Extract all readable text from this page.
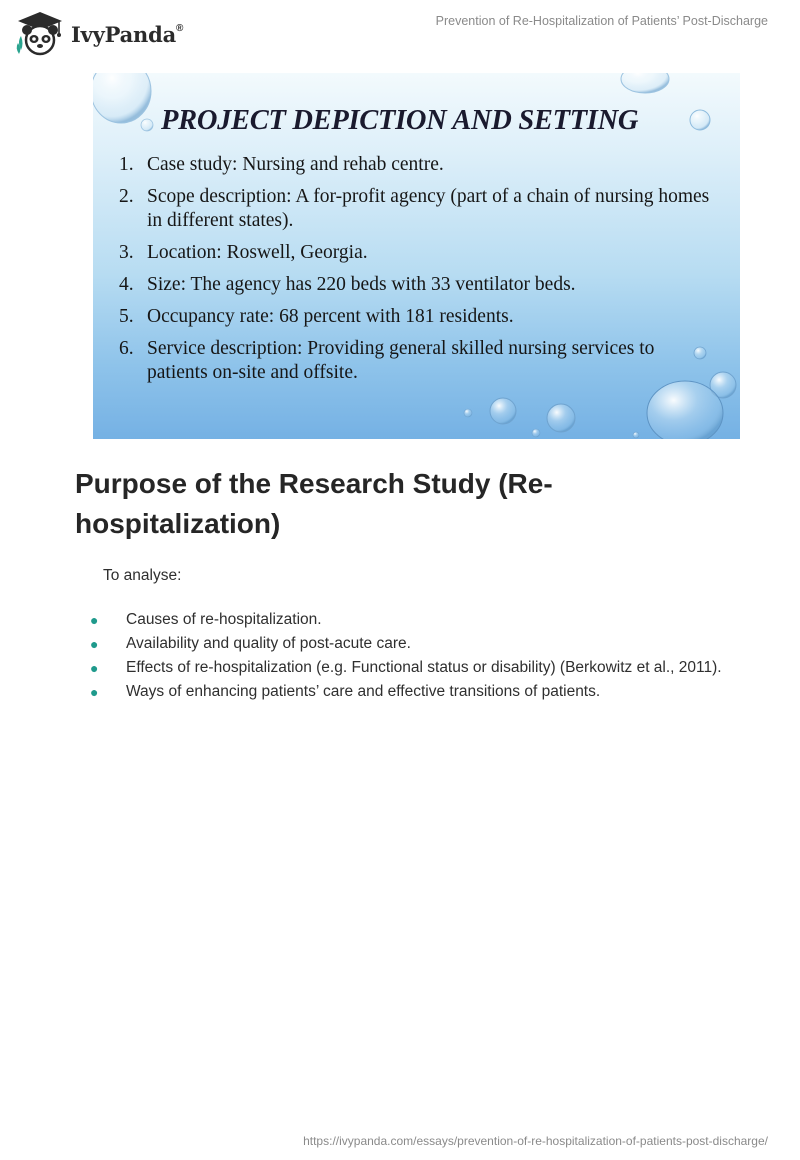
IvyPanda®	Prevention of Re-Hospitalization of Patients’ Post-Discharge
PROJECT DEPICTION AND SETTING
1. Case study: Nursing and rehab centre.
2. Scope description: A for-profit agency (part of a chain of nursing homes in different states).
3. Location: Roswell, Georgia.
4. Size: The agency has 220 beds with 33 ventilator beds.
5. Occupancy rate: 68 percent with 181 residents.
6. Service description: Providing general skilled nursing services to patients on-site and offsite.
Purpose of the Research Study (Re-hospitalization)
To analyse:
●	Causes of re-hospitalization.
●	Availability and quality of post-acute care.
●	Effects of re-hospitalization (e.g. Functional status or disability) (Berkowitz et al., 2011).
●	Ways of enhancing patients’ care and effective transitions of patients.
https://ivypanda.com/essays/prevention-of-re-hospitalization-of-patients-post-discharge/
